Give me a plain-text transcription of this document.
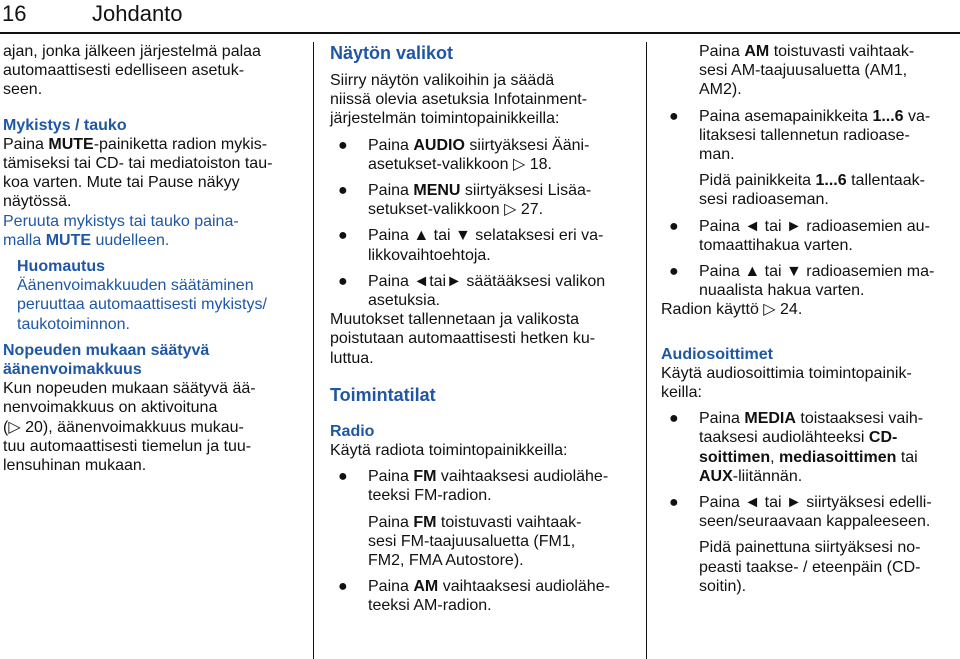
16	Johdanto

ajan, jonka jälkeen järjestelmä palaa
automaattisesti edelliseen asetuk-
seen.

Mykistys / tauko

Paina MUTE-painiketta radion mykis-
tämiseksi tai CD- tai mediatoiston tau-
koa varten. Mute tai Pause näkyy
näytössä.

Peruuta mykistys tai tauko paina-
malla MUTE uudelleen.

Huomautus

Äänenvoimakkuuden säätäminen
peruuttaa automaattisesti mykistys/
taukotoiminnon.

Nopeuden mukaan säätyvä
äänenvoimakkuus

Kun nopeuden mukaan säätyvä ää-
nenvoimakkuus on aktivoituna
(▷ 20), äänenvoimakkuus mukau-
tuu automaattisesti tiemelun ja tuu-
lensuhinan mukaan.

Näytön valikot

Siirry näytön valikoihin ja säädä
niissä olevia asetuksia Infotainment-
järjestelmän toimintopainikkeilla:

● Paina AUDIO siirtyäksesi Ääni-
asetukset-valikkoon ▷ 18.

● Paina MENU siirtyäksesi Lisäa-
setukset-valikkoon ▷ 27.

● Paina ▲ tai ▼ selataksesi eri va-
likkovaihtoehtoja.

● Paina ◄tai► säätääksesi valikon
asetuksia.

Muutokset tallennetaan ja valikosta
poistutaan automaattisesti hetken ku-
luttua.

Toimintatilat

Radio

Käytä radiota toimintopainikkeilla:

● Paina FM vaihtaaksesi audiolähe-
teeksi FM-radion.

Paina FM toistuvasti vaihtaak-
sesi FM-taajuusaluetta (FM1,
FM2, FMA Autostore).

● Paina AM vaihtaaksesi audiolähe-
teeksi AM-radion.

Paina AM toistuvasti vaihtaak-
sesi AM-taajuusaluetta (AM1,
AM2).

● Paina asemapainikkeita 1...6 va-
litaksesi tallennetun radioase-
man.

Pidä painikkeita 1...6 tallentaak-
sesi radioaseman.

● Paina ◄ tai ► radioasemien au-
tomaattihakua varten.

● Paina ▲ tai ▼ radioasemien ma-
nuaalista hakua varten.

Radion käyttö ▷ 24.

Audiosoittimet

Käytä audiosoittimia toimintopainik-
keilla:

● Paina MEDIA toistaaksesi vaih-
taaksesi audiolähteeksi CD-
soittimen, mediasoittimen tai
AUX-liitännän.

● Paina ◄ tai ► siirtyäksesi edelli-
seen/seuraavaan kappaleeseen.

Pidä painettuna siirtyäksesi no-
peasti taakse- / eteenpäin (CD-
soitin).
